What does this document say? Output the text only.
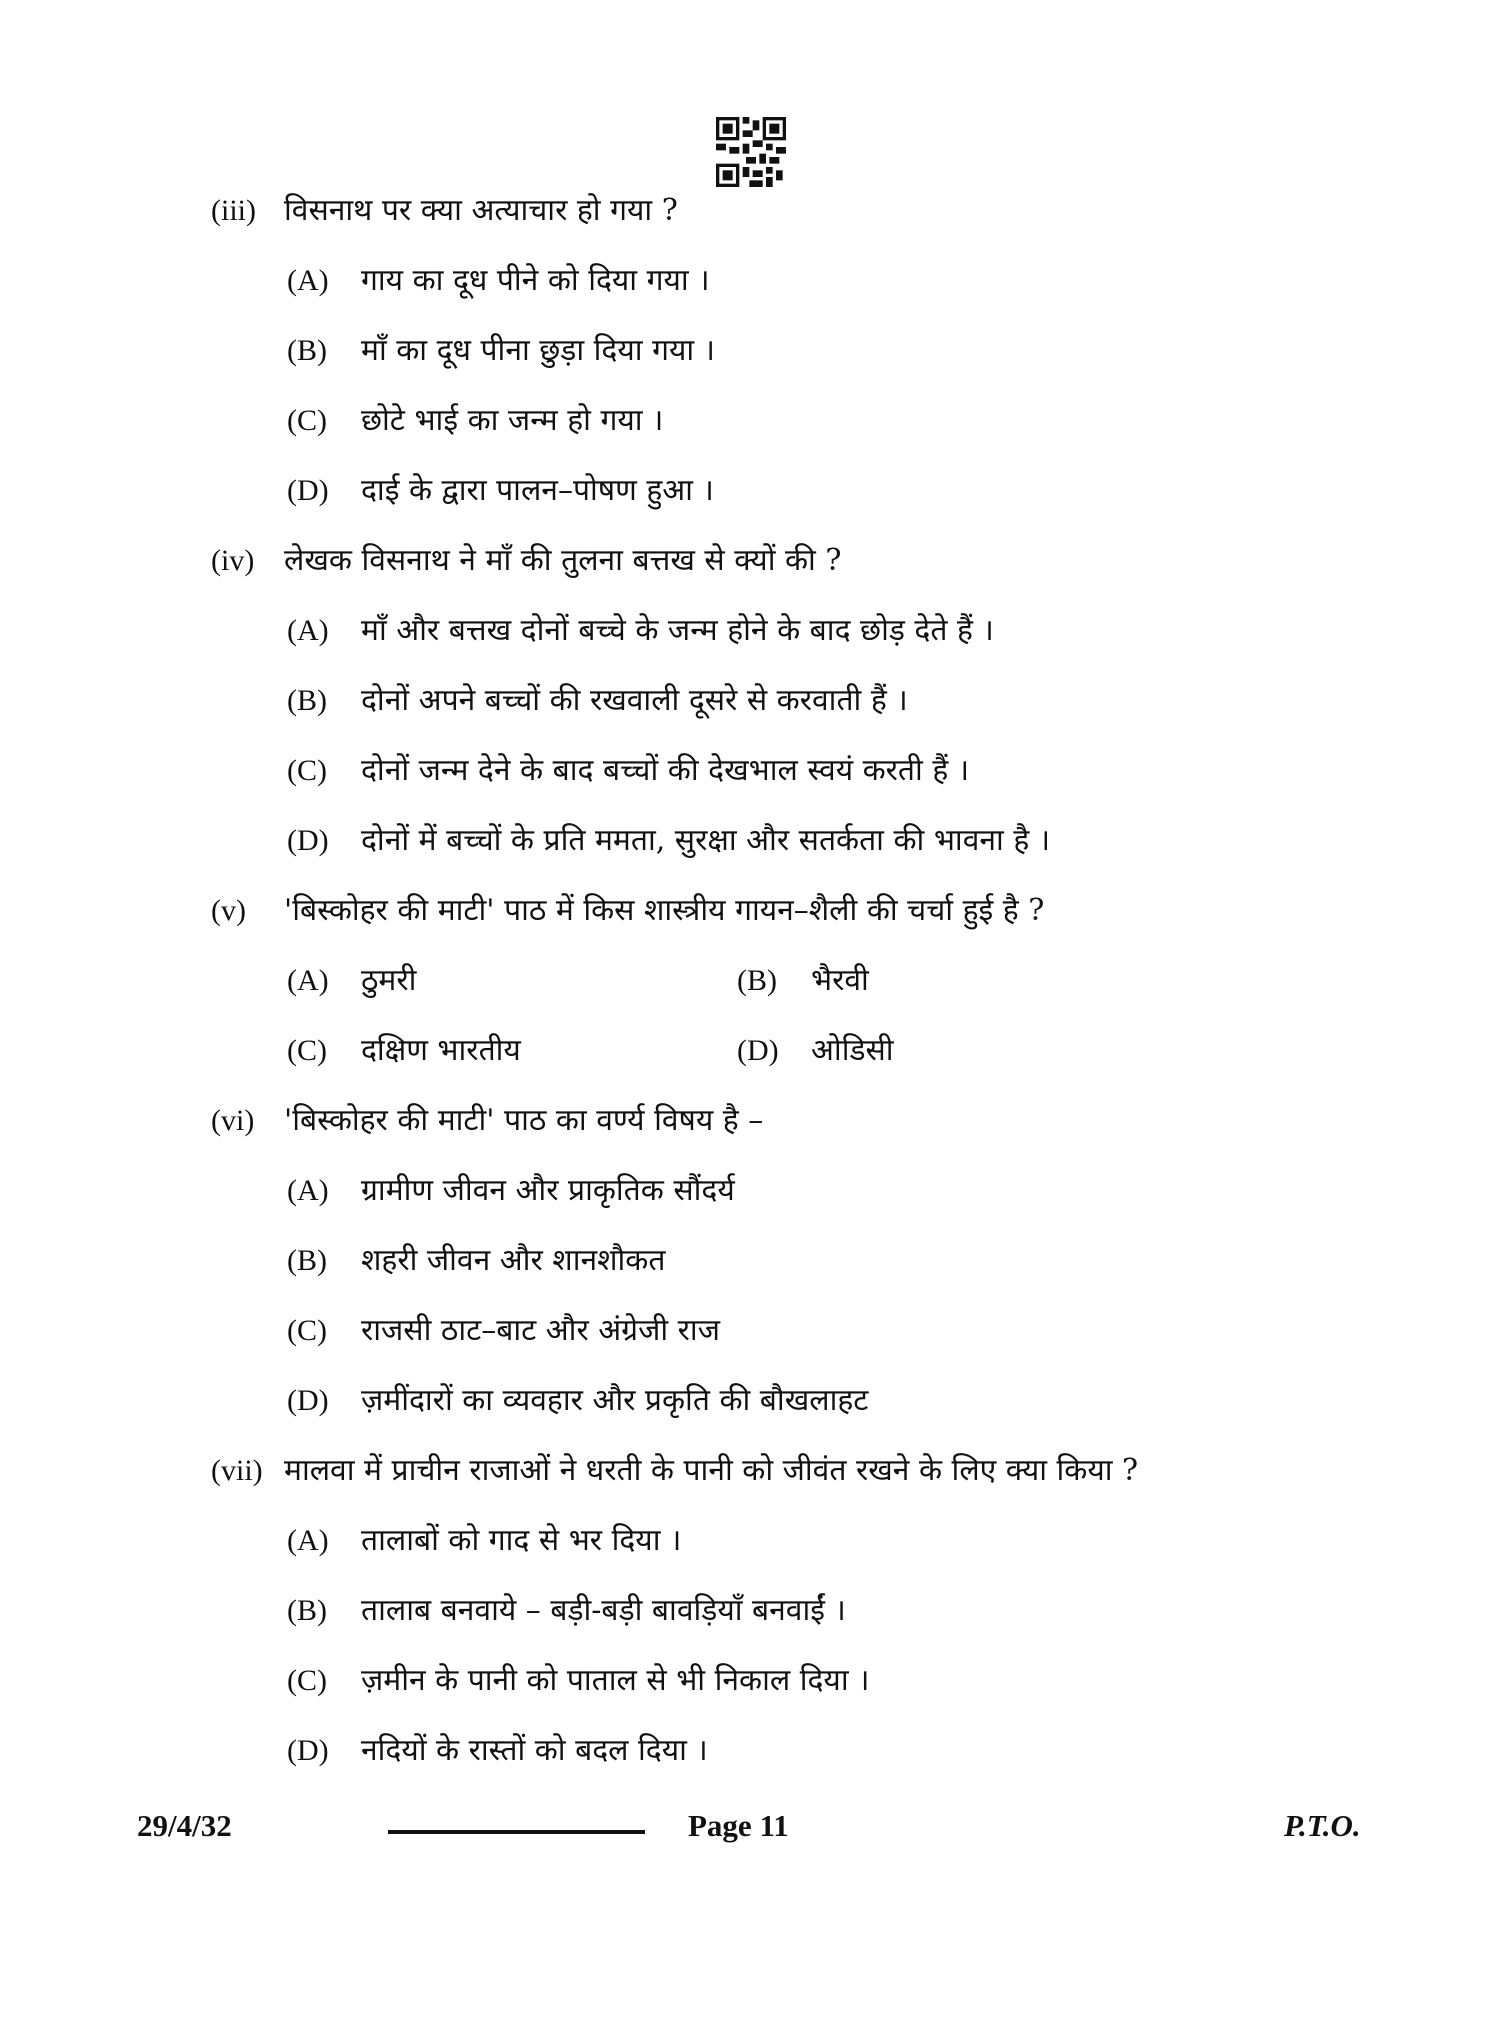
(iii) विसनाथ पर क्या अत्याचार हो गया ?
(A) गाय का दूध पीने को दिया गया ।
(B) माँ का दूध पीना छुड़ा दिया गया ।
(C) छोटे भाई का जन्म हो गया ।
(D) दाई के द्वारा पालन–पोषण हुआ ।
(iv) लेखक विसनाथ ने माँ की तुलना बत्तख से क्यों की ?
(A) माँ और बत्तख दोनों बच्चे के जन्म होने के बाद छोड़ देते हैं ।
(B) दोनों अपने बच्चों की रखवाली दूसरे से करवाती हैं ।
(C) दोनों जन्म देने के बाद बच्चों की देखभाल स्वयं करती हैं ।
(D) दोनों में बच्चों के प्रति ममता, सुरक्षा और सतर्कता की भावना है ।
(v) 'बिस्कोहर की माटी' पाठ में किस शास्त्रीय गायन–शैली की चर्चा हुई है ?
(A) ठुमरी	(B) भैरवी
(C) दक्षिण भारतीय	(D) ओडिसी
(vi) 'बिस्कोहर की माटी' पाठ का वर्ण्य विषय है –
(A) ग्रामीण जीवन और प्राकृतिक सौंदर्य
(B) शहरी जीवन और शानशौकत
(C) राजसी ठाट–बाट और अंग्रेजी राज
(D) ज़मींदारों का व्यवहार और प्रकृति की बौखलाहट
(vii) मालवा में प्राचीन राजाओं ने धरती के पानी को जीवंत रखने के लिए क्या किया ?
(A) तालाबों को गाद से भर दिया ।
(B) तालाब बनवाये – बड़ी-बड़ी बावड़ियाँ बनवाईं ।
(C) ज़मीन के पानी को पाताल से भी निकाल दिया ।
(D) नदियों के रास्तों को बदल दिया ।
29/4/32	Page 11	P.T.O.
